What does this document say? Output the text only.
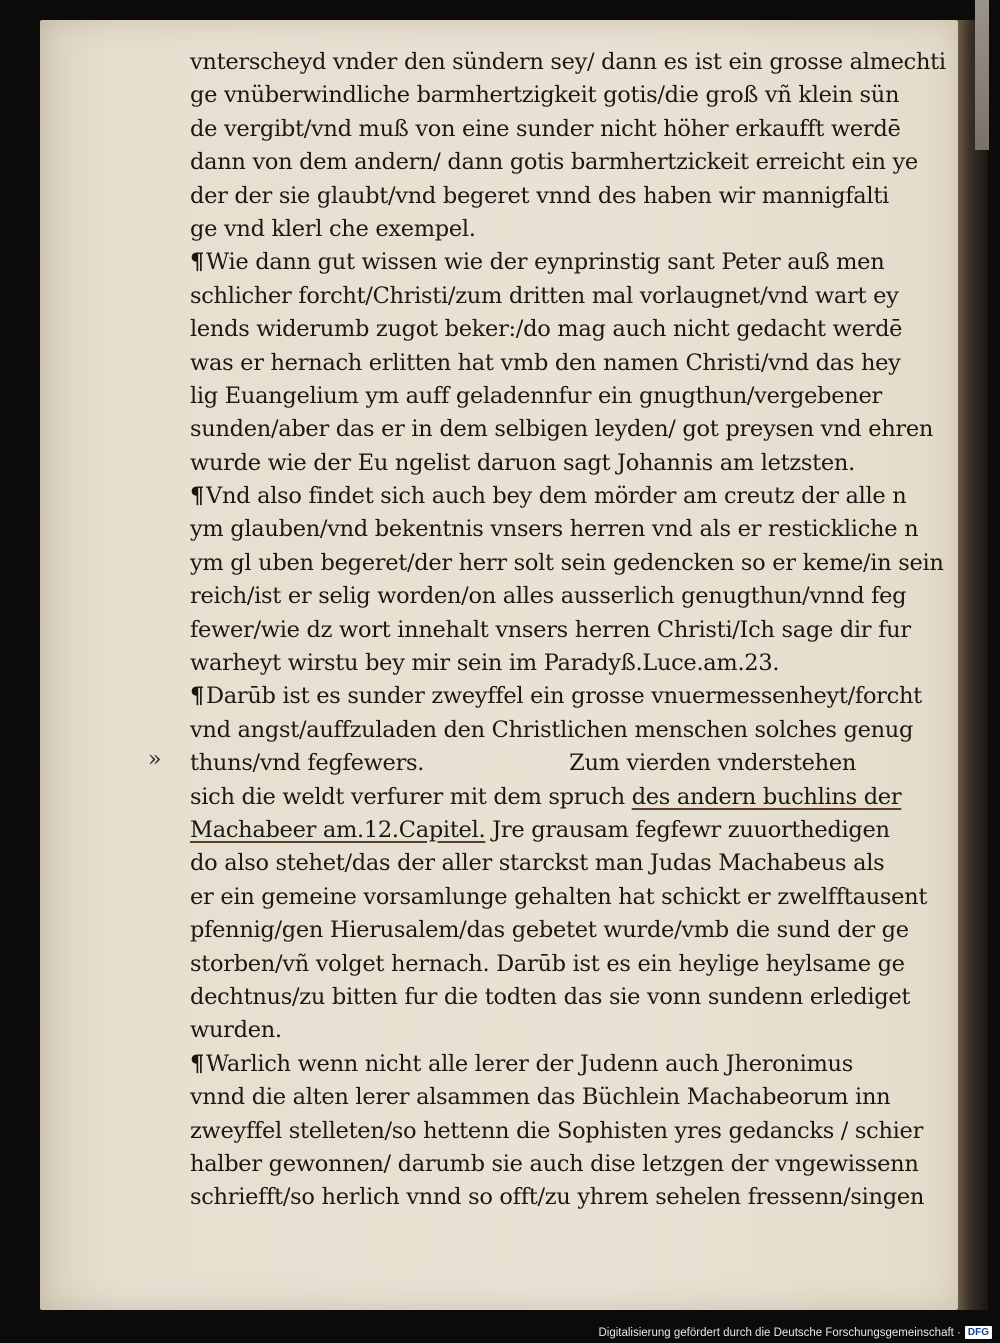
»
vnterscheyd vnder den sündern sey/ dann es ist ein grosse almechti
ge vnüberwindliche barmhertzigkeit gotis/die groß vñ klein sün
de vergibt/vnd muß von eine sunder nicht höher erkaufft werdē
dann von dem andern/ dann gotis barmhertzickeit erreicht ein ye
der der sie glaubt/vnd begeret vnnd des haben wir mannigfalti
ge vnd klerl che exempel.
¶Wie dann gut wissen wie der eynprinstig sant Peter auß men
schlicher forcht/Christi/zum dritten mal vorlaugnet/vnd wart ey
lends widerumb zugot beker:/do mag auch nicht gedacht werdē
was er hernach erlitten hat vmb den namen Christi/vnd das hey
lig Euangelium ym auff geladennfur ein gnugthun/vergebener
sunden/aber das er in dem selbigen leyden/ got preysen vnd ehren
wurde wie der Eu ngelist daruon sagt Johannis am letzsten.
¶Vnd also findet sich auch bey dem mörder am creutz der alle n
ym glauben/vnd bekentnis vnsers herren vnd als er restickliche n
ym gl uben begeret/der herr solt sein gedencken so er keme/in sein
reich/ist er selig worden/on alles ausserlich genugthun/vnnd feg
fewer/wie dz wort innehalt vnsers herren Christi/Ich sage dir fur
warheyt wirstu bey mir sein im Paradyß.Luce.am.23.
¶Darūb ist es sunder zweyffel ein grosse vnuermessenheyt/forcht
vnd angst/auffzuladen den Christlichen menschen solches genug
thuns/vnd fegfewers.	Zum vierden vnderstehen
sich die weldt verfurer mit dem spruch des andern buchlins der
Machabeer am.12.Capitel. Jre grausam fegfewr zuuorthedigen
do also stehet/das der aller starckst man Judas Machabeus als
er ein gemeine vorsamlunge gehalten hat schickt er zwelfftausent
pfennig/gen Hierusalem/das gebetet wurde/vmb die sund der ge
storben/vñ volget hernach. Darūb ist es ein heylige heylsame ge
dechtnus/zu bitten fur die todten das sie vonn sundenn erlediget
wurden.
¶Warlich wenn nicht alle lerer der Judenn auch Jheronimus
vnnd die alten lerer alsammen das Büchlein Machabeorum inn
zweyffel stelleten/so hettenn die Sophisten yres gedancks / schier
halber gewonnen/ darumb sie auch dise letzgen der vngewissenn
schriefft/so herlich vnnd so offt/zu yhrem sehelen fressenn/singen
Digitalisierung gefördert durch die Deutsche Forschungsgemeinschaft · DFG
